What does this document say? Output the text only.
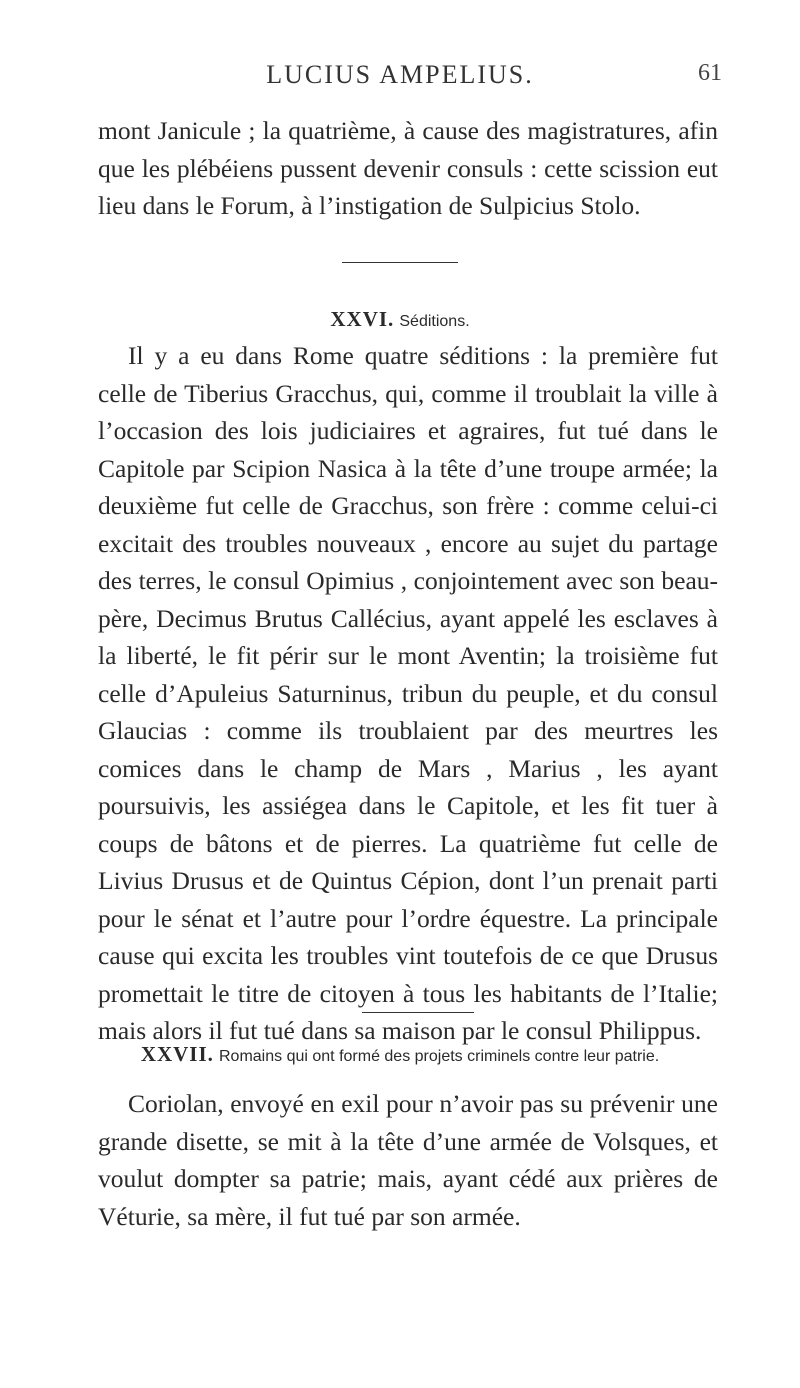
LUCIUS AMPELIUS.	61

mont Janicule ; la quatrième, à cause des magistratures, afin que les plébéiens pussent devenir consuls : cette scission eut lieu dans le Forum, à l’instigation de Sulpicius Stolo.

XXVI. Séditions.

Il y a eu dans Rome quatre séditions : la première fut celle de Tiberius Gracchus, qui, comme il troublait la ville à l’occasion des lois judiciaires et agraires, fut tué dans le Capitole par Scipion Nasica à la tête d’une troupe armée; la deuxième fut celle de Gracchus, son frère : comme celui-ci excitait des troubles nouveaux , encore au sujet du partage des terres, le consul Opimius , conjointement avec son beau-père, Decimus Brutus Callécius, ayant appelé les esclaves à la liberté, le fit périr sur le mont Aventin; la troisième fut celle d’Apuleius Saturninus, tribun du peuple, et du consul Glaucias : comme ils troublaient par des meurtres les comices dans le champ de Mars , Marius , les ayant poursuivis, les assiégea dans le Capitole, et les fit tuer à coups de bâtons et de pierres. La quatrième fut celle de Livius Drusus et de Quintus Cépion, dont l’un prenait parti pour le sénat et l’autre pour l’ordre équestre. La principale cause qui excita les troubles vint toutefois de ce que Drusus promettait le titre de citoyen à tous les habitants de l’Italie; mais alors il fut tué dans sa maison par le consul Philippus.

XXVII. Romains qui ont formé des projets criminels contre leur patrie.

Coriolan, envoyé en exil pour n’avoir pas su prévenir une grande disette, se mit à la tête d’une armée de Volsques, et voulut dompter sa patrie; mais, ayant cédé aux prières de Véturie, sa mère, il fut tué par son armée.
